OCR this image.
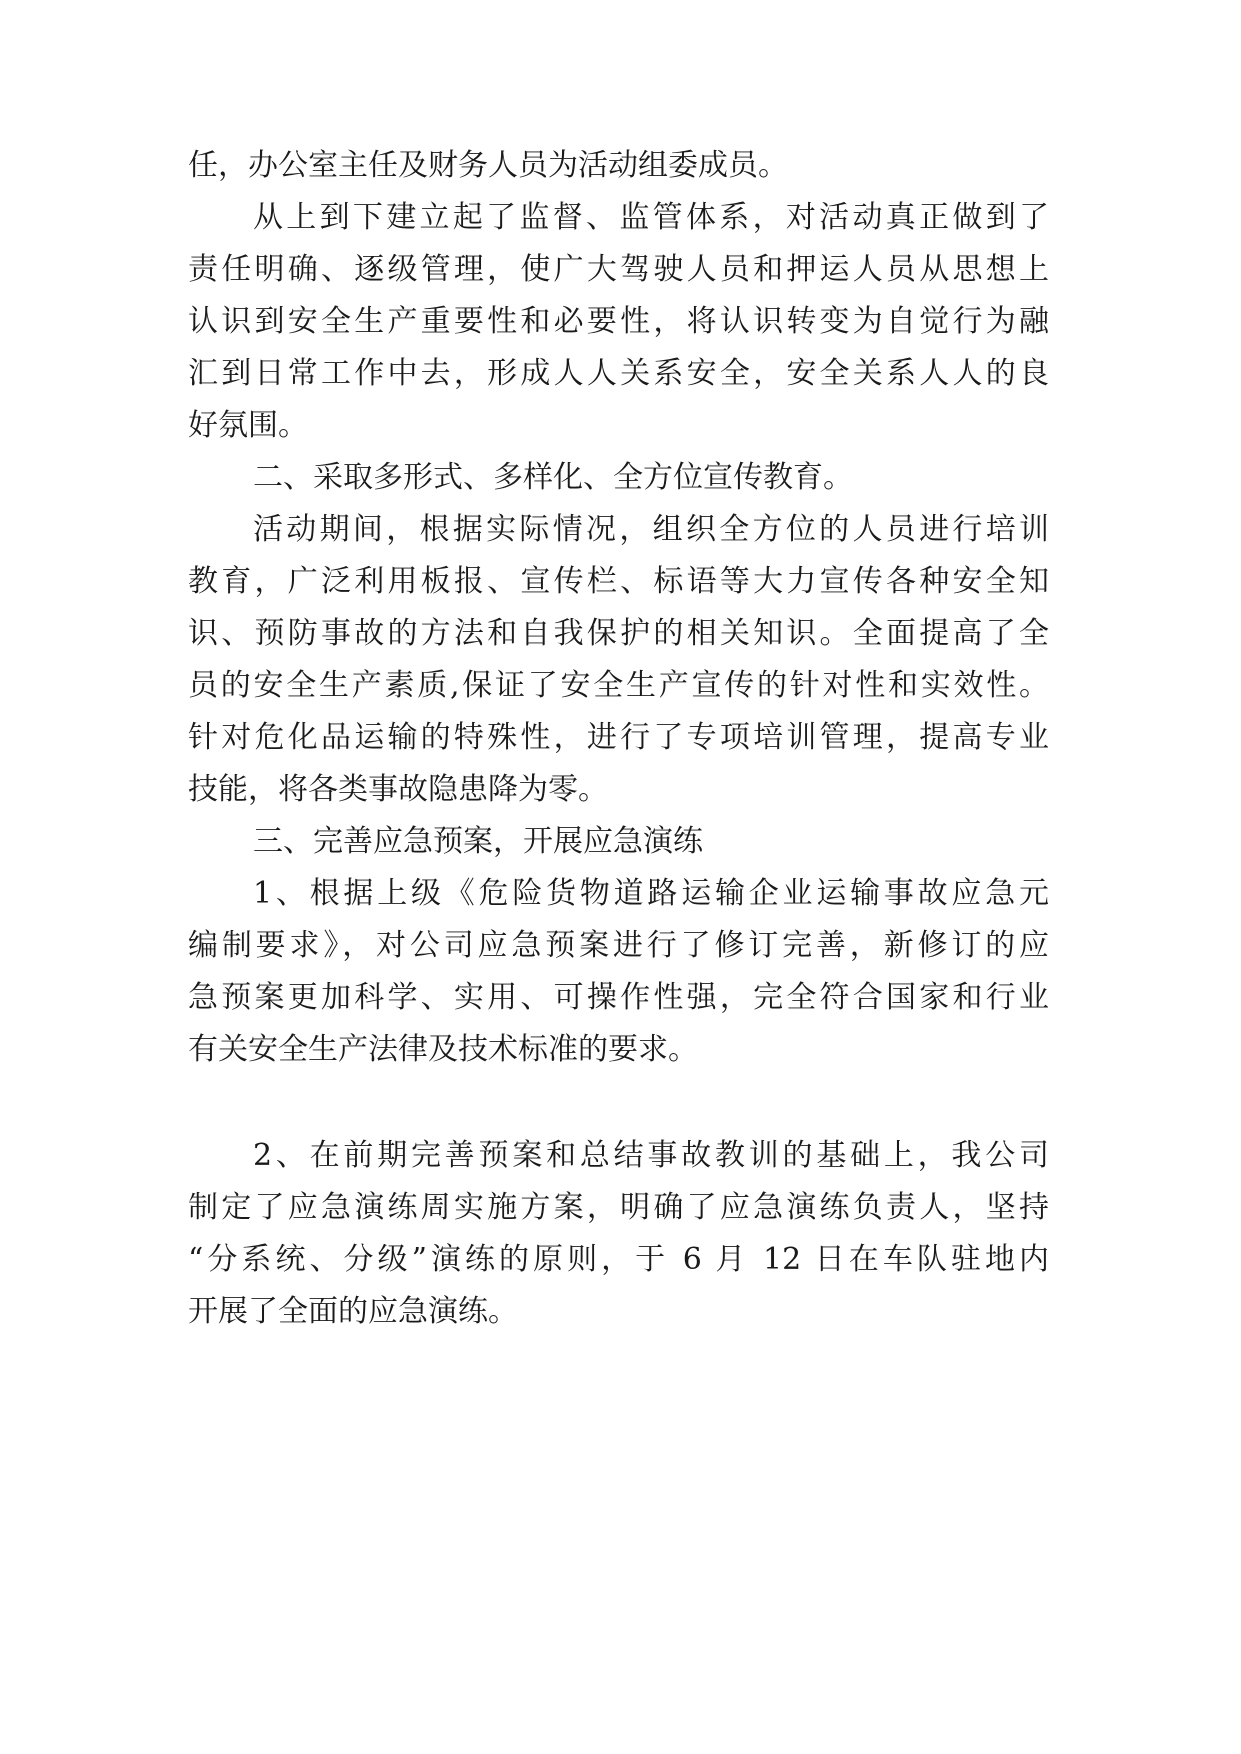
任，办公室主任及财务人员为活动组委成员。
从上到下建立起了监督、监管体系，对活动真正做到了
责任明确、逐级管理，使广大驾驶人员和押运人员从思想上
认识到安全生产重要性和必要性，将认识转变为自觉行为融
汇到日常工作中去，形成人人关系安全，安全关系人人的良
好氛围。
二、采取多形式、多样化、全方位宣传教育。
活动期间，根据实际情况，组织全方位的人员进行培训
教育，广泛利用板报、宣传栏、标语等大力宣传各种安全知
识、预防事故的方法和自我保护的相关知识。全面提高了全
员的安全生产素质,保证了安全生产宣传的针对性和实效性。
针对危化品运输的特殊性，进行了专项培训管理，提高专业
技能，将各类事故隐患降为零。
三、完善应急预案，开展应急演练
1、根据上级《危险货物道路运输企业运输事故应急元
编制要求》，对公司应急预案进行了修订完善，新修订的应
急预案更加科学、实用、可操作性强，完全符合国家和行业
有关安全生产法律及技术标准的要求。
2、在前期完善预案和总结事故教训的基础上，我公司
制定了应急演练周实施方案，明确了应急演练负责人，坚持
“分系统、分级”演练的原则，于 6 月 12 日在车队驻地内
开展了全面的应急演练。
